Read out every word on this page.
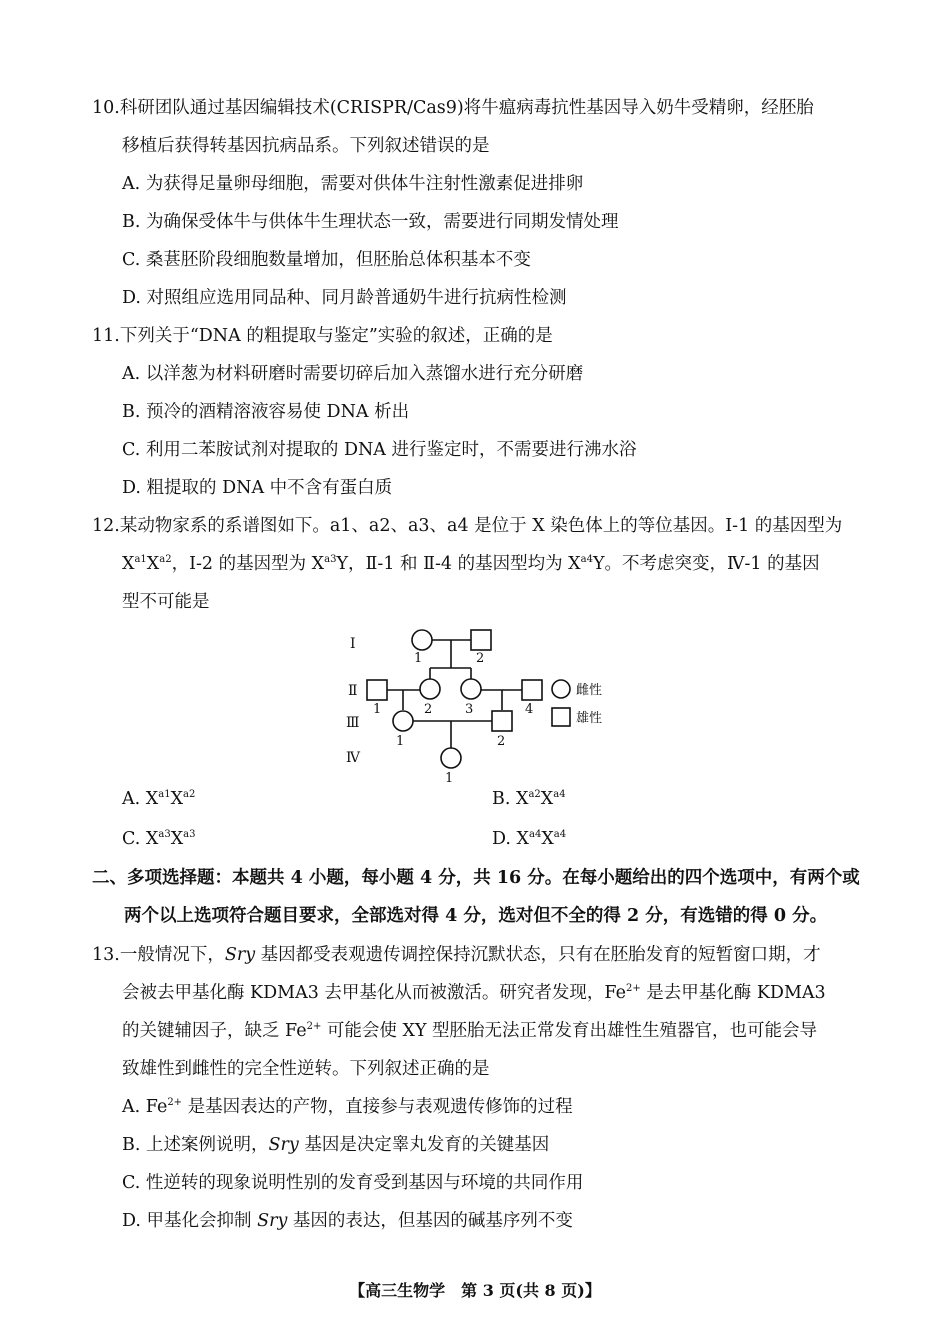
10.科研团队通过基因编辑技术(CRISPR/Cas9)将牛瘟病毒抗性基因导入奶牛受精卵，经胚胎
移植后获得转基因抗病品系。下列叙述错误的是
A. 为获得足量卵母细胞，需要对供体牛注射性激素促进排卵
B. 为确保受体牛与供体牛生理状态一致，需要进行同期发情处理
C. 桑葚胚阶段细胞数量增加，但胚胎总体积基本不变
D. 对照组应选用同品种、同月龄普通奶牛进行抗病性检测
11.下列关于“DNA 的粗提取与鉴定”实验的叙述，正确的是
A. 以洋葱为材料研磨时需要切碎后加入蒸馏水进行充分研磨
B. 预冷的酒精溶液容易使 DNA 析出
C. 利用二苯胺试剂对提取的 DNA 进行鉴定时，不需要进行沸水浴
D. 粗提取的 DNA 中不含有蛋白质
12.某动物家系的系谱图如下。a1、a2、a3、a4 是位于 X 染色体上的等位基因。Ⅰ-1 的基因型为
$X^{a1}X^{a2}$，Ⅰ-2 的基因型为 $X^{a3}Y$，Ⅱ-1 和 Ⅱ-4 的基因型均为 $X^{a4}Y$。不考虑突变，Ⅳ-1 的基因
型不可能是
Ⅰ
Ⅱ
Ⅲ
Ⅳ
1	2
1	2	3	4
1	2
1
雌性
雄性
A. $X^{a1}X^{a2}$	B. $X^{a2}X^{a4}$
C. $X^{a3}X^{a3}$	D. $X^{a4}X^{a4}$
二、多项选择题：本题共 4 小题，每小题 4 分，共 16 分。在每小题给出的四个选项中，有两个或
两个以上选项符合题目要求，全部选对得 4 分，选对但不全的得 2 分，有选错的得 0 分。
13.一般情况下，Sry 基因都受表观遗传调控保持沉默状态，只有在胚胎发育的短暂窗口期，才
会被去甲基化酶 KDMA3 去甲基化从而被激活。研究者发现，$Fe^{2+}$ 是去甲基化酶 KDMA3
的关键辅因子，缺乏 $Fe^{2+}$ 可能会使 XY 型胚胎无法正常发育出雄性生殖器官，也可能会导
致雄性到雌性的完全性逆转。下列叙述正确的是
A. $Fe^{2+}$ 是基因表达的产物，直接参与表观遗传修饰的过程
B. 上述案例说明，Sry 基因是决定睾丸发育的关键基因
C. 性逆转的现象说明性别的发育受到基因与环境的共同作用
D. 甲基化会抑制 Sry 基因的表达，但基因的碱基序列不变
【高三生物学　第 3 页(共 8 页)】
